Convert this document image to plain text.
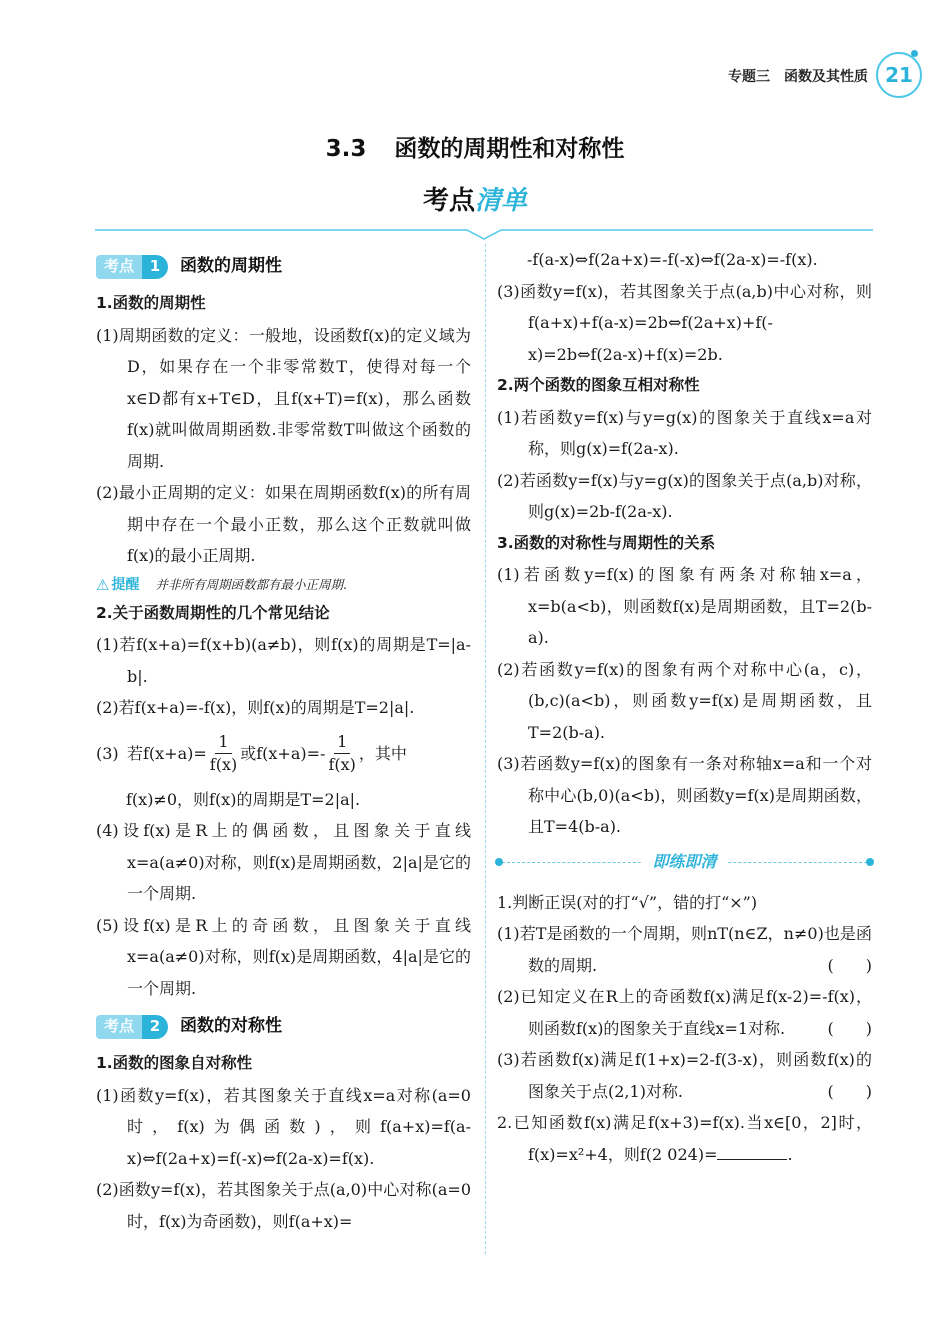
专题三 函数及其性质 21
3.3 函数的周期性和对称性
考点清单
考点	1	函数的周期性
1.函数的周期性
(1)周期函数的定义：一般地，设函数f(x)的定义域为D，如果存在一个非零常数T，使得对每一个x∈D都有x+T∈D，且f(x+T)=f(x)，那么函数f(x)就叫做周期函数.非零常数T叫做这个函数的周期.
(2)最小正周期的定义：如果在周期函数f(x)的所有周期中存在一个最小正数，那么这个正数就叫做f(x)的最小正周期.
⚠ 提醒 并非所有周期函数都有最小正周期.
2.关于函数周期性的几个常见结论
(1)若f(x+a)=f(x+b)(a≠b)，则f(x)的周期是T=|a-b|.
(2)若f(x+a)=-f(x)，则f(x)的周期是T=2|a|.
(3) 若$f(x+a)= \frac{1}{f(x)}$ 或$f(x+a)=- \frac{1}{f(x)}$ ，其中
f(x)≠0，则f(x)的周期是T=2|a|.
(4)设f(x)是R上的偶函数，且图象关于直线x=a(a≠0)对称，则f(x)是周期函数，2|a|是它的一个周期.
(5)设f(x)是R上的奇函数，且图象关于直线x=a(a≠0)对称，则f(x)是周期函数，4|a|是它的一个周期.
考点	2	函数的对称性
1.函数的图象自对称性
(1)函数y=f(x)，若其图象关于直线x=a对称(a=0时，f(x)为偶函数)，则f(a+x)=f(a-x)⇔f(2a+x)=f(-x)⇔f(2a-x)=f(x).
(2)函数y=f(x)，若其图象关于点(a,0)中心对称(a=0时，f(x)为奇函数)，则f(a+x)=
-f(a-x)⇔f(2a+x)=-f(-x)⇔f(2a-x)=-f(x).
(3)函数y=f(x)，若其图象关于点(a,b)中心对称，则f(a+x)+f(a-x)=2b⇔f(2a+x)+f(-x)=2b⇔f(2a-x)+f(x)=2b.
2.两个函数的图象互相对称性
(1)若函数y=f(x)与y=g(x)的图象关于直线x=a对称，则g(x)=f(2a-x).
(2)若函数y=f(x)与y=g(x)的图象关于点(a,b)对称，则g(x)=2b-f(2a-x).
3.函数的对称性与周期性的关系
(1)若函数y=f(x)的图象有两条对称轴x=a，x=b(a<b)，则函数f(x)是周期函数，且T=2(b-a).
(2)若函数y=f(x)的图象有两个对称中心(a，c)，(b,c)(a<b)，则函数y=f(x)是周期函数，且T=2(b-a).
(3)若函数y=f(x)的图象有一条对称轴x=a和一个对称中心(b,0)(a<b)，则函数y=f(x)是周期函数，且T=4(b-a).
即练即清
1.判断正误(对的打“√”，错的打“×”)
(1)若T是函数的一个周期，则nT(n∈Z，n≠0)也是函数的周期.	(　　)
(2)已知定义在R上的奇函数f(x)满足f(x-2)=-f(x)，则函数f(x)的图象关于直线x=1对称.	(　　)
(3)若函数f(x)满足f(1+x)=2-f(3-x)，则函数f(x)的图象关于点(2,1)对称.	(　　)
2.已知函数f(x)满足f(x+3)=f(x).当x∈[0，2]时，f(x)=x²+4，则f(2 024)=	.
